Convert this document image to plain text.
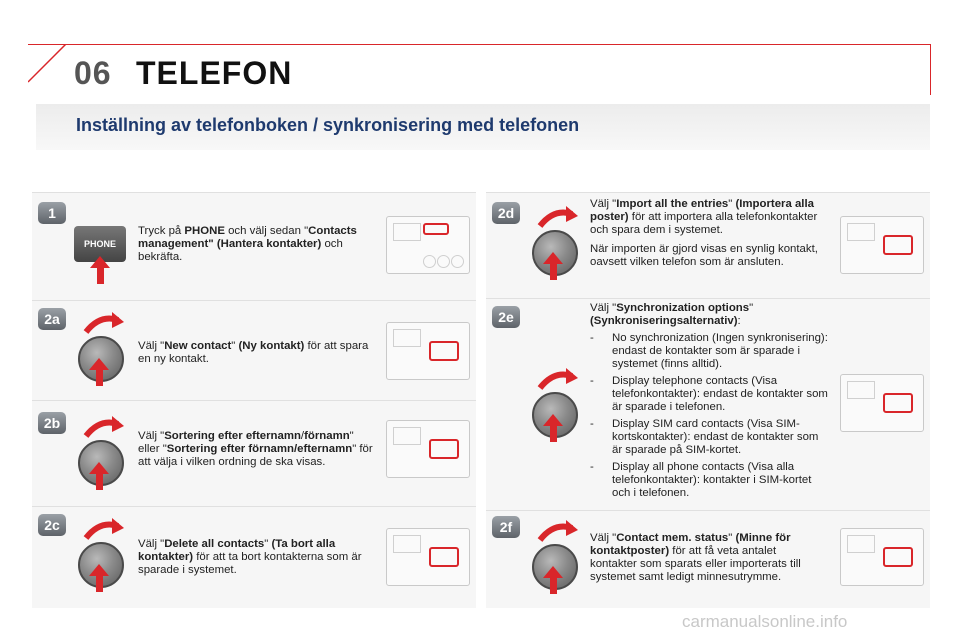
06 TELEFON
Inställning av telefonboken / synkronisering med telefonen
1
PHONE
Tryck på PHONE och välj sedan "Contacts management" (Hantera kontakter) och bekräfta.
2a
Välj "New contact" (Ny kontakt) för att spara en ny kontakt.
2b
Välj "Sortering efter efternamn/förnamn" eller "Sortering efter förnamn/efternamn" för att välja i vilken ordning de ska visas.
2c
Välj "Delete all contacts" (Ta bort alla kontakter) för att ta bort kontakterna som är sparade i systemet.
2d

Välj "Import all the entries" (Importera alla poster) för att importera alla telefonkontakter och spara dem i systemet.

När importen är gjord visas en synlig kontakt, oavsett vilken telefon som är ansluten.

2e

Välj "Synchronization options" (Synkroniseringsalternativ):

- No synchronization (Ingen synkronisering): endast de kontakter som är sparade i systemet (finns alltid).
- Display telephone contacts (Visa telefonkontakter): endast de kontakter som är sparade i telefonen.
- Display SIM card contacts (Visa SIM-kortskontakter): endast de kontakter som är sparade på SIM-kortet.
- Display all phone contacts (Visa alla telefonkontakter): kontakter i SIM-kortet och i telefonen.
2f
Välj "Contact mem. status" (Minne för kontaktposter) för att få veta antalet kontakter som sparats eller importerats till systemet samt ledigt minnesutrymme.
carmanualsonline.info
